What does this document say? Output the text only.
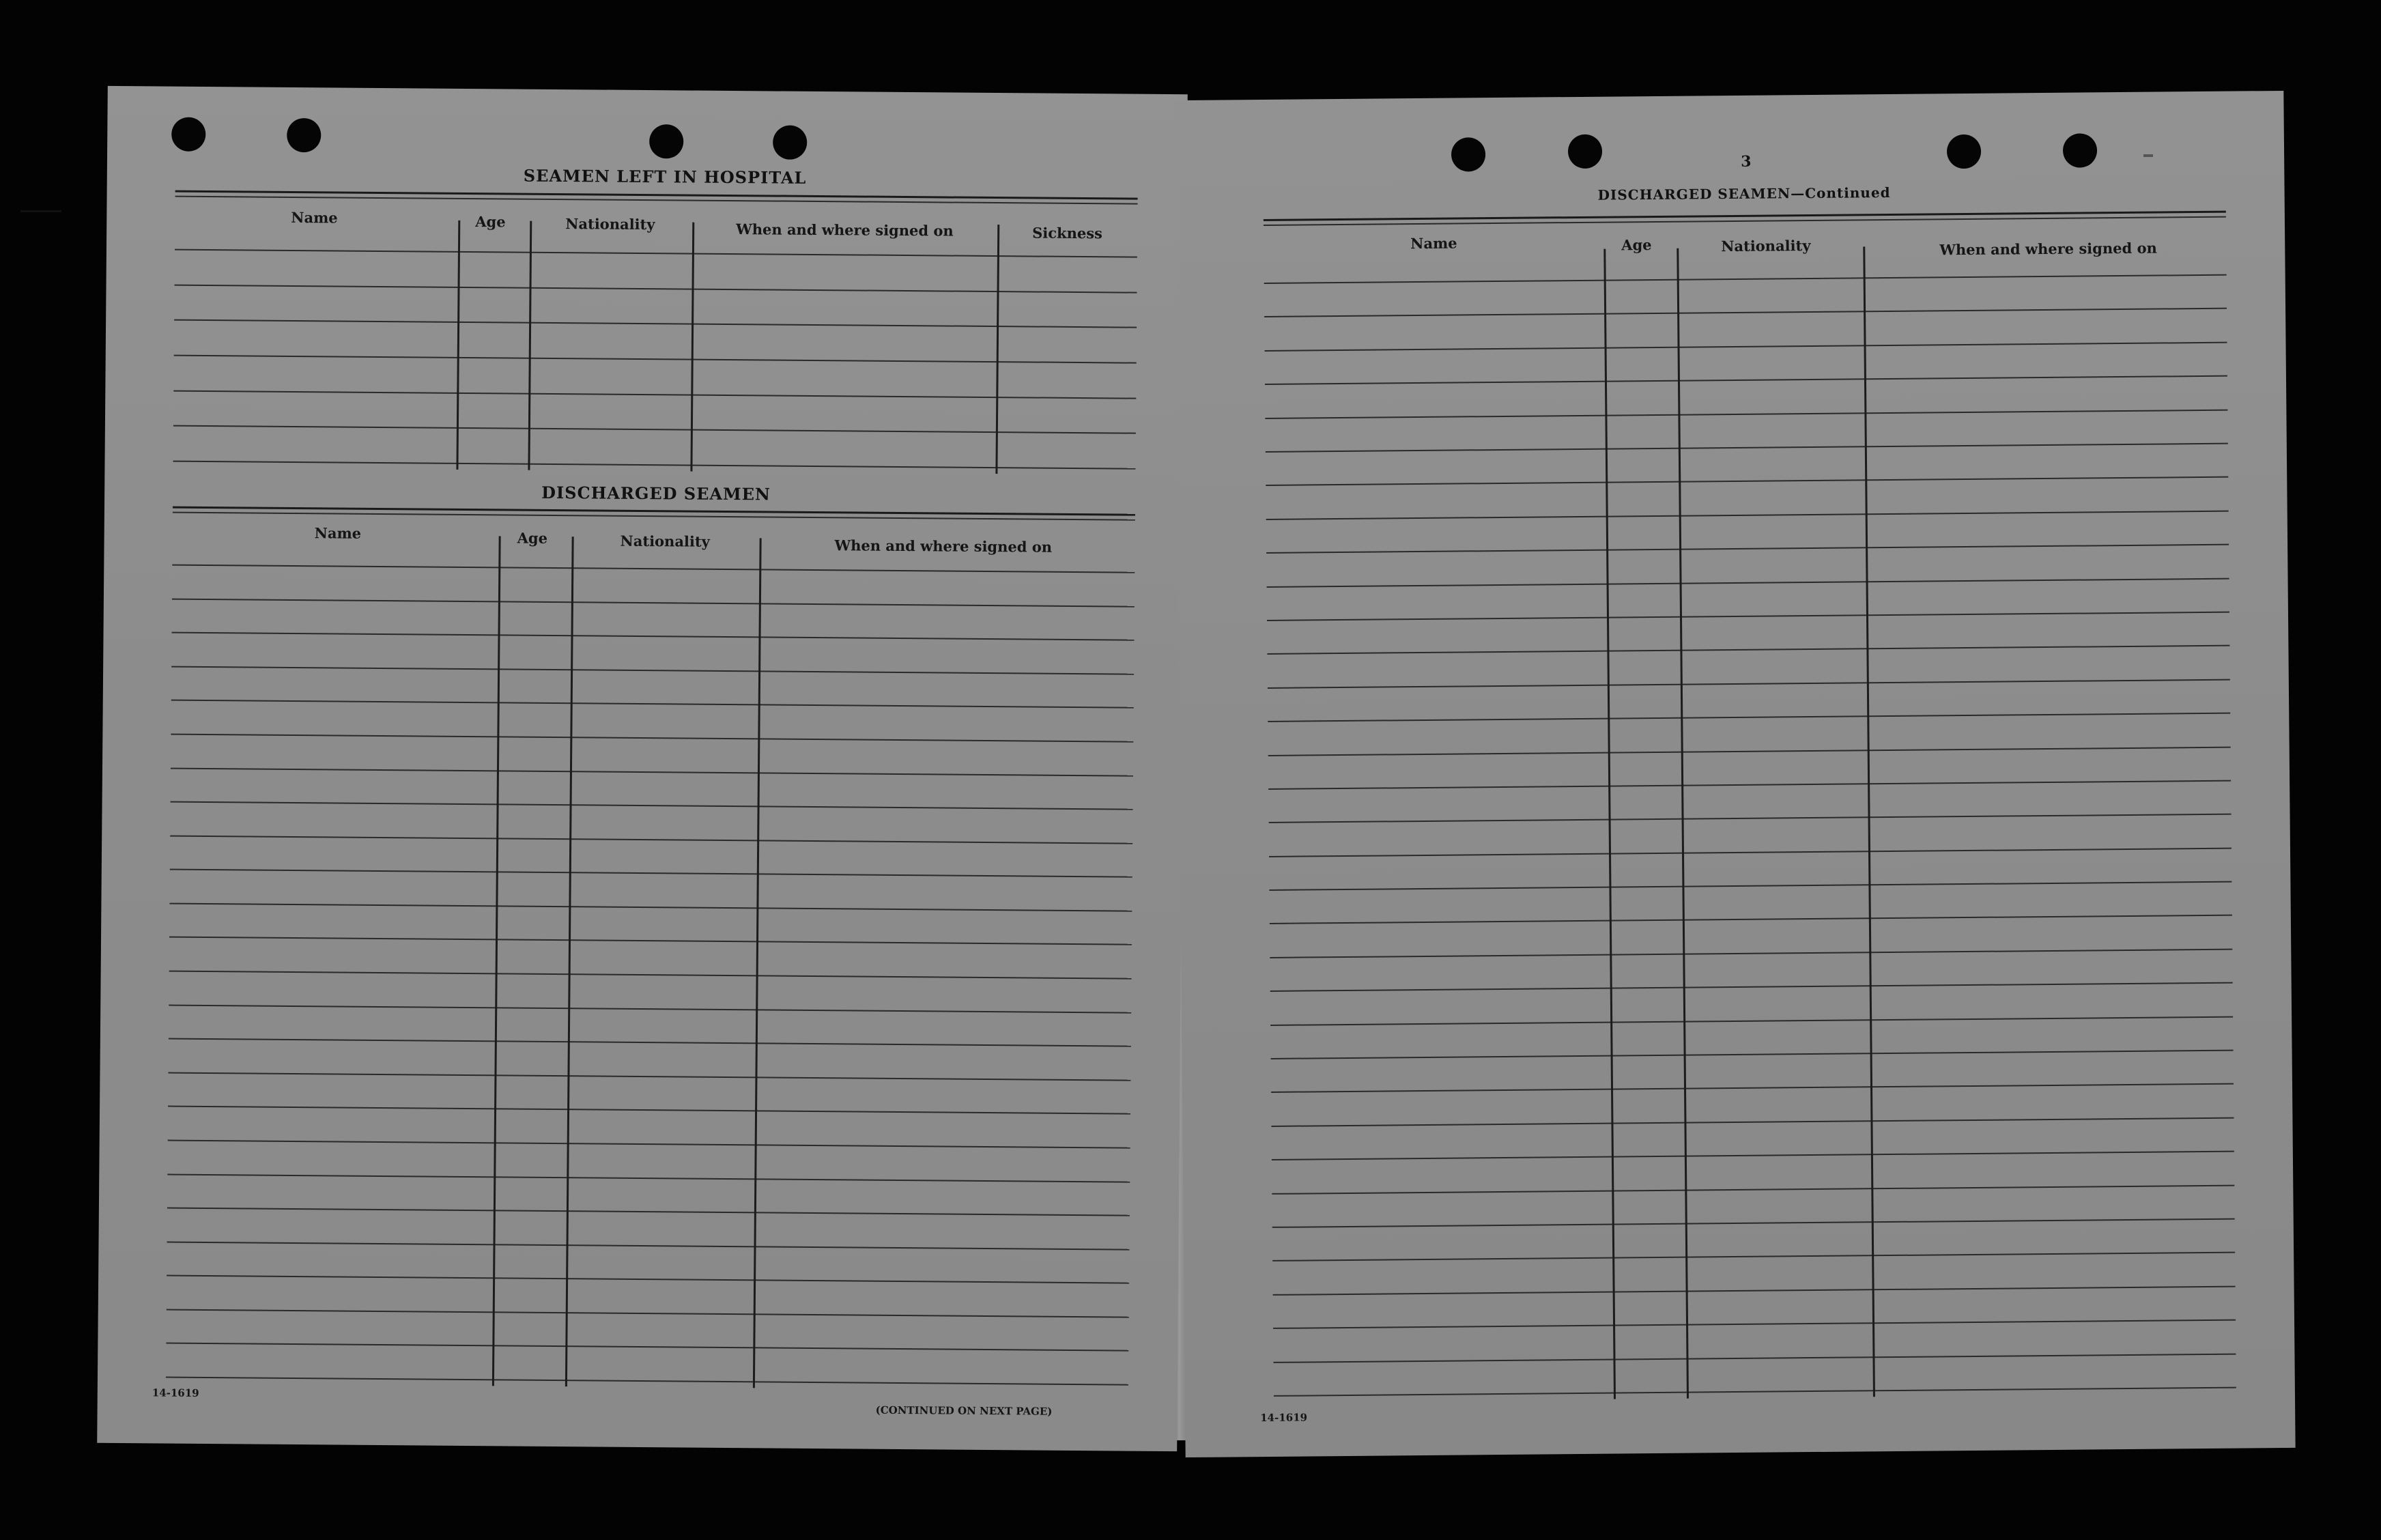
SEAMEN LEFT IN HOSPITAL
Name	Age	Nationality	When and where signed on	Sickness
DISCHARGED SEAMEN
Name	Age	Nationality	When and where signed on
14-1619
(CONTINUED ON NEXT PAGE)
3
DISCHARGED SEAMEN—Continued
Name	Age	Nationality	When and where signed on
14-1619
